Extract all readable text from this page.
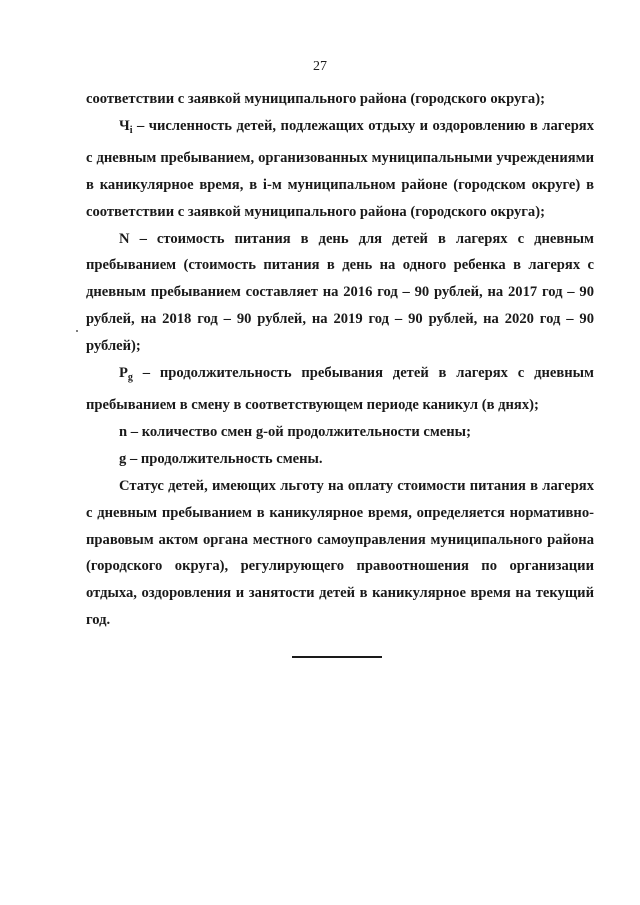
27

соответствии с заявкой муниципального района (городского округа);

$Ч_i$ – численность детей, подлежащих отдыху и оздоровлению в лагерях с дневным пребыванием, организованных муниципальными учреждениями в каникулярное время, в i-м муниципальном районе (городском округе) в соответствии с заявкой муниципального района (городского округа);

N – стоимость питания в день для детей в лагерях с дневным пребыванием (стоимость питания в день на одного ребенка в лагерях с дневным пребыванием составляет на 2016 год – 90 рублей, на 2017 год – 90 рублей, на 2018 год – 90 рублей, на 2019 год – 90 рублей, на 2020 год – 90 рублей);

$P_g$ – продолжительность пребывания детей в лагерях с дневным пребыванием в смену в соответствующем периоде каникул (в днях);

n – количество смен g-ой продолжительности смены;

g – продолжительность смены.

Статус детей, имеющих льготу на оплату стоимости питания в лагерях с дневным пребыванием в каникулярное время, определяется нормативно-правовым актом органа местного самоуправления муниципального района (городского округа), регулирующего правоотношения по организации отдыха, оздоровления и занятости детей в каникулярное время на текущий год.
